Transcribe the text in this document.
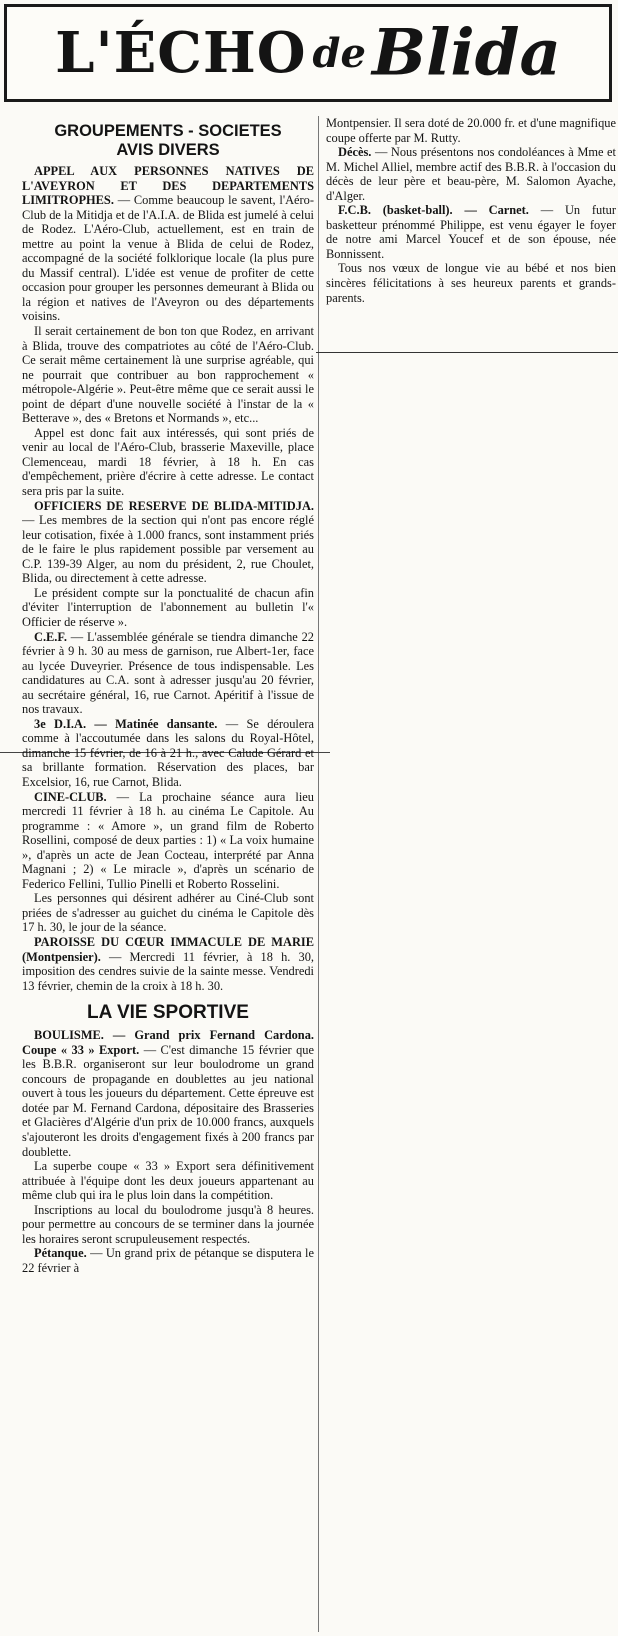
L'ÉCHO deBlida
GROUPEMENTS - SOCIETES
AVIS DIVERS

APPEL AUX PERSONNES NATIVES DE L'AVEYRON ET DES DEPARTEMENTS LIMITROPHES. — Comme beaucoup le savent, l'Aéro-Club de la Mitidja et de l'A.I.A. de Blida est jumelé à celui de Rodez. L'Aéro-Club, actuellement, est en train de mettre au point la venue à Blida de celui de Rodez, accompagné de la société folklorique locale (la plus pure du Massif central). L'idée est venue de profiter de cette occasion pour grouper les personnes demeurant à Blida ou la région et natives de l'Aveyron ou des départements voisins.

Il serait certainement de bon ton que Rodez, en arrivant à Blida, trouve des compatriotes au côté de l'Aéro-Club. Ce serait même certainement là une surprise agréable, qui ne pourrait que contribuer au bon rapprochement « métropole-Algérie ». Peut-être même que ce serait aussi le point de départ d'une nouvelle société à l'instar de la « Betterave », des « Bretons et Normands », etc...

Appel est donc fait aux intéressés, qui sont priés de venir au local de l'Aéro-Club, brasserie Maxeville, place Clemenceau, mardi 18 février, à 18 h. En cas d'empêchement, prière d'écrire à cette adresse. Le contact sera pris par la suite.

OFFICIERS DE RESERVE DE BLIDA-MITIDJA. — Les membres de la section qui n'ont pas encore réglé leur cotisation, fixée à 1.000 francs, sont instamment priés de le faire le plus rapidement possible par versement au C.P. 139-39 Alger, au nom du président, 2, rue Choulet, Blida, ou directement à cette adresse.

Le président compte sur la ponctualité de chacun afin d'éviter l'interruption de l'abonnement au bulletin l'« Officier de réserve ».

C.E.F. — L'assemblée générale se tiendra dimanche 22 février à 9 h. 30 au mess de garnison, rue Albert-1er, face au lycée Duveyrier. Présence de tous indispensable. Les candidatures au C.A. sont à adresser jusqu'au 20 février, au secrétaire général, 16, rue Carnot. Apéritif à l'issue de nos travaux.

3e D.I.A. — Matinée dansante. — Se déroulera comme à l'accoutumée dans les salons du Royal-Hôtel, dimanche 15 février, de 16 à 21 h., avec Calude Gérard et sa brillante formation. Réservation des places, bar Excelsior, 16, rue Carnot, Blida.

CINE-CLUB. — La prochaine séance aura lieu mercredi 11 février à 18 h. au cinéma Le Capitole. Au programme : « Amore », un grand film de Roberto Rosellini, composé de deux parties : 1) « La voix humaine », d'après un acte de Jean Cocteau, interprété par Anna Magnani ; 2) « Le miracle », d'après un scénario de Federico Fellini, Tullio Pinelli et Roberto Rosselini.

Les personnes qui désirent adhérer au Ciné-Club sont priées de s'adresser au guichet du cinéma le Capitole dès 17 h. 30, le jour de la séance.

PAROISSE DU CŒUR IMMACULE DE MARIE (Montpensier). — Mercredi 11 février, à 18 h. 30, imposition des cendres suivie de la sainte messe. Vendredi 13 février, chemin de la croix à 18 h. 30.

LA VIE SPORTIVE

BOULISME. — Grand prix Fernand Cardona. Coupe « 33 » Export. — C'est dimanche 15 février que les B.B.R. organiseront sur leur boulodrome un grand concours de propagande en doublettes au jeu national ouvert à tous les joueurs du département. Cette épreuve est dotée par M. Fernand Cardona, dépositaire des Brasseries et Glacières d'Algérie d'un prix de 10.000 francs, auxquels s'ajouteront les droits d'engagement fixés à 200 francs par doublette.

La superbe coupe « 33 » Export sera définitivement attribuée à l'équipe dont les deux joueurs appartenant au même club qui ira le plus loin dans la compétition.

Inscriptions au local du boulodrome jusqu'à 8 heures. pour permettre au concours de se terminer dans la journée les horaires seront scrupuleusement respectés.

Pétanque. — Un grand prix de pétanque se disputera le 22 février à

Montpensier. Il sera doté de 20.000 fr. et d'une magnifique coupe offerte par M. Rutty.

Décès. — Nous présentons nos condoléances à Mme et M. Michel Alliel, membre actif des B.B.R. à l'occasion du décès de leur père et beau-père, M. Salomon Ayache, d'Alger.

F.C.B. (basket-ball). — Carnet. — Un futur basketteur prénommé Philippe, est venu égayer le foyer de notre ami Marcel Youcef et de son épouse, née Bonnissent.

Tous nos vœux de longue vie au bébé et nos bien sincères félicitations à ses heureux parents et grands-parents.
